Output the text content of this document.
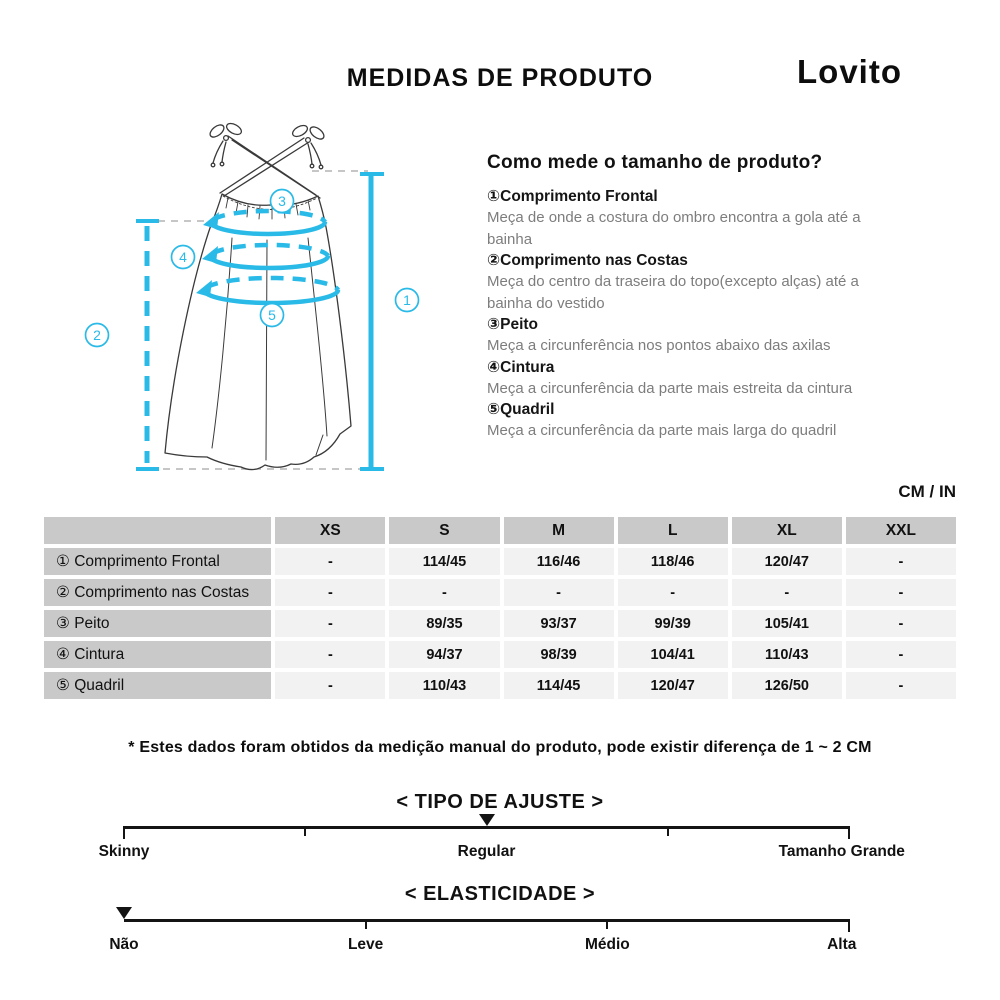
MEDIDAS DE PRODUTO	Lovito
1
2
3
4
5
Como mede o tamanho de produto?
①Comprimento Frontal
Meça de onde a costura do ombro encontra a gola até a bainha
②Comprimento nas Costas
Meça do centro da traseira do topo(excepto alças) até a bainha do vestido
③Peito
Meça a circunferência nos pontos abaixo das axilas
④Cintura
Meça a circunferência da parte mais estreita da cintura
⑤Quadril
Meça a circunferência da parte mais larga do quadril
CM / IN
	XS	S	M	L	XL	XXL
① Comprimento Frontal	-	114/45	116/46	118/46	120/47	-
② Comprimento nas Costas	-	-	-	-	-	-
③ Peito	-	89/35	93/37	99/39	105/41	-
④ Cintura	-	94/37	98/39	104/41	110/43	-
⑤ Quadril	-	110/43	114/45	120/47	126/50	-
* Estes dados foram obtidos da medição manual do produto, pode existir diferença de 1 ~ 2 CM
< TIPO DE AJUSTE >
Skinny	Regular	Tamanho Grande
< ELASTICIDADE >
Não	Leve	Médio	Alta
